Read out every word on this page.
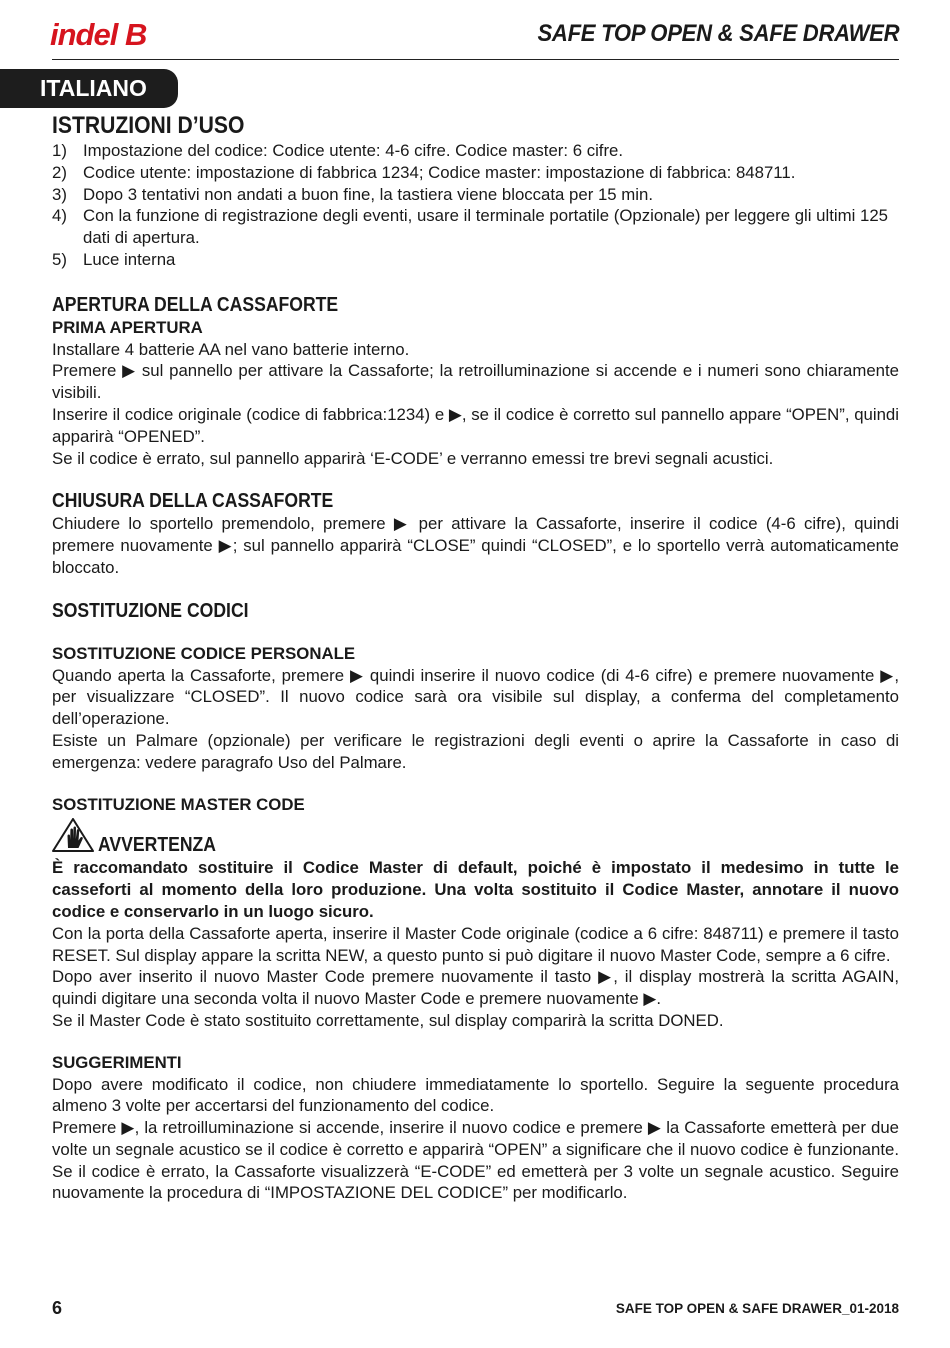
indel B	SAFE TOP OPEN & SAFE DRAWER
ITALIANO
ISTRUZIONI D’USO
1) Impostazione del codice: Codice utente: 4-6 cifre. Codice master: 6 cifre.
2) Codice utente: impostazione di fabbrica 1234; Codice master: impostazione di fabbrica: 848711.
3) Dopo 3 tentativi non andati a buon fine, la tastiera viene bloccata per 15 min.
4) Con la funzione di registrazione degli eventi, usare il terminale portatile (Opzionale) per leggere gli ultimi 125 dati di apertura.
5) Luce interna
APERTURA DELLA CASSAFORTE
PRIMA APERTURA

Installare 4 batterie AA nel vano batterie interno.

Premere ▶ sul pannello per attivare la Cassaforte; la retroilluminazione si accende e i numeri sono chiaramente visibili.

Inserire il codice originale (codice di fabbrica:1234) e ▶, se il codice è corretto sul pannello appare “OPEN”, quindi apparirà “OPENED”.

Se il codice è errato, sul pannello apparirà ‘E-CODE’ e verranno emessi tre brevi segnali acustici.

CHIUSURA DELLA CASSAFORTE

Chiudere lo sportello premendolo, premere ▶ per attivare la Cassaforte, inserire il codice (4-6 cifre), quindi premere nuovamente ▶; sul pannello apparirà “CLOSE” quindi “CLOSED”, e lo sportello verrà automaticamente bloccato.

SOSTITUZIONE CODICI
SOSTITUZIONE CODICE PERSONALE

Quando aperta la Cassaforte, premere ▶ quindi inserire il nuovo codice (di 4-6 cifre) e premere nuovamente ▶, per visualizzare “CLOSED”. Il nuovo codice sarà ora visibile sul display, a conferma del completamento dell’operazione.

Esiste un Palmare (opzionale) per verificare le registrazioni degli eventi o aprire la Cassaforte in caso di emergenza: vedere paragrafo Uso del Palmare.

SOSTITUZIONE MASTER CODE
AVVERTENZA

È raccomandato sostituire il Codice Master di default, poiché è impostato il medesimo in tutte le casseforti al momento della loro produzione. Una volta sostituito il Codice Master, annotare il nuovo codice e conservarlo in un luogo sicuro.

Con la porta della Cassaforte aperta, inserire il Master Code originale (codice a 6 cifre: 848711) e premere il tasto RESET. Sul display appare la scritta NEW, a questo punto si può digitare il nuovo Master Code, sempre a 6 cifre.

Dopo aver inserito il nuovo Master Code premere nuovamente il tasto ▶, il display mostrerà la scritta AGAIN, quindi digitare una seconda volta il nuovo Master Code e premere nuovamente ▶.

Se il Master Code è stato sostituito correttamente, sul display comparirà la scritta DONED.

SUGGERIMENTI

Dopo avere modificato il codice, non chiudere immediatamente lo sportello. Seguire la seguente procedura almeno 3 volte per accertarsi del funzionamento del codice.

Premere ▶, la retroilluminazione si accende, inserire il nuovo codice e premere ▶ la Cassaforte emetterà per due volte un segnale acustico se il codice è corretto e apparirà “OPEN” a significare che il nuovo codice è funzionante.

Se il codice è errato, la Cassaforte visualizzerà “E-CODE” ed emetterà per 3 volte un segnale acustico. Seguire nuovamente la procedura di “IMPOSTAZIONE DEL CODICE” per modificarlo.

6	SAFE TOP OPEN & SAFE DRAWER_01-2018
